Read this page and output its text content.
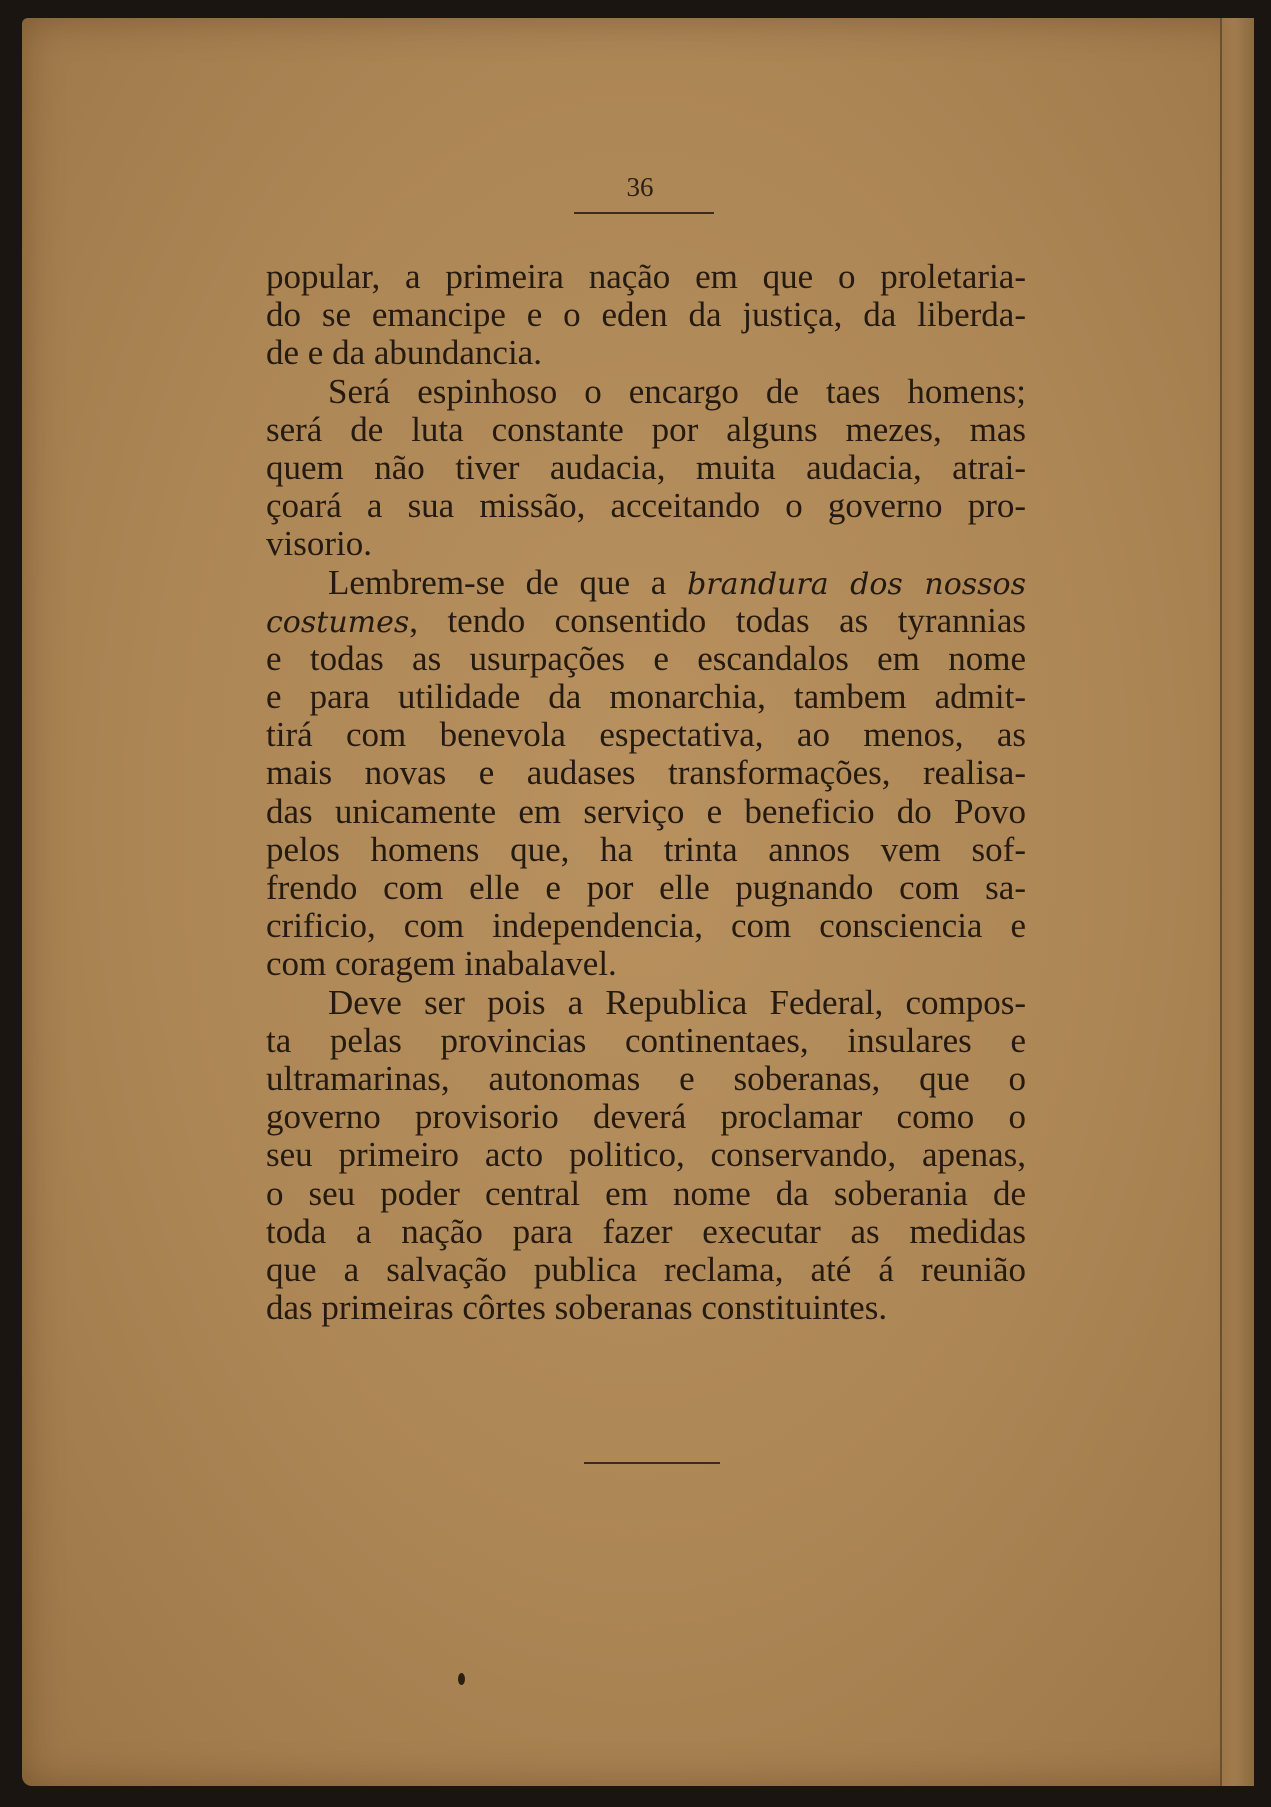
36
popular, a primeira nação em que o proletaria-
do se emancipe e o eden da justiça, da liberda-
de e da abundancia.
Será espinhoso o encargo de taes homens;
será de luta constante por alguns mezes, mas
quem não tiver audacia, muita audacia, atrai-
çoará a sua missão, acceitando o governo pro-
visorio.
Lembrem-se de que a brandura dos nossos
costumes, tendo consentido todas as tyrannias
e todas as usurpações e escandalos em nome
e para utilidade da monarchia, tambem admit-
tirá com benevola espectativa, ao menos, as
mais novas e audases transformações, realisa-
das unicamente em serviço e beneficio do Povo
pelos homens que, ha trinta annos vem sof-
frendo com elle e por elle pugnando com sa-
crificio, com independencia, com consciencia e
com coragem inabalavel.
Deve ser pois a Republica Federal, compos-
ta pelas provincias continentaes, insulares e
ultramarinas, autonomas e soberanas, que o
governo provisorio deverá proclamar como o
seu primeiro acto politico, conservando, apenas,
o seu poder central em nome da soberania de
toda a nação para fazer executar as medidas
que a salvação publica reclama, até á reunião
das primeiras côrtes soberanas constituintes.
